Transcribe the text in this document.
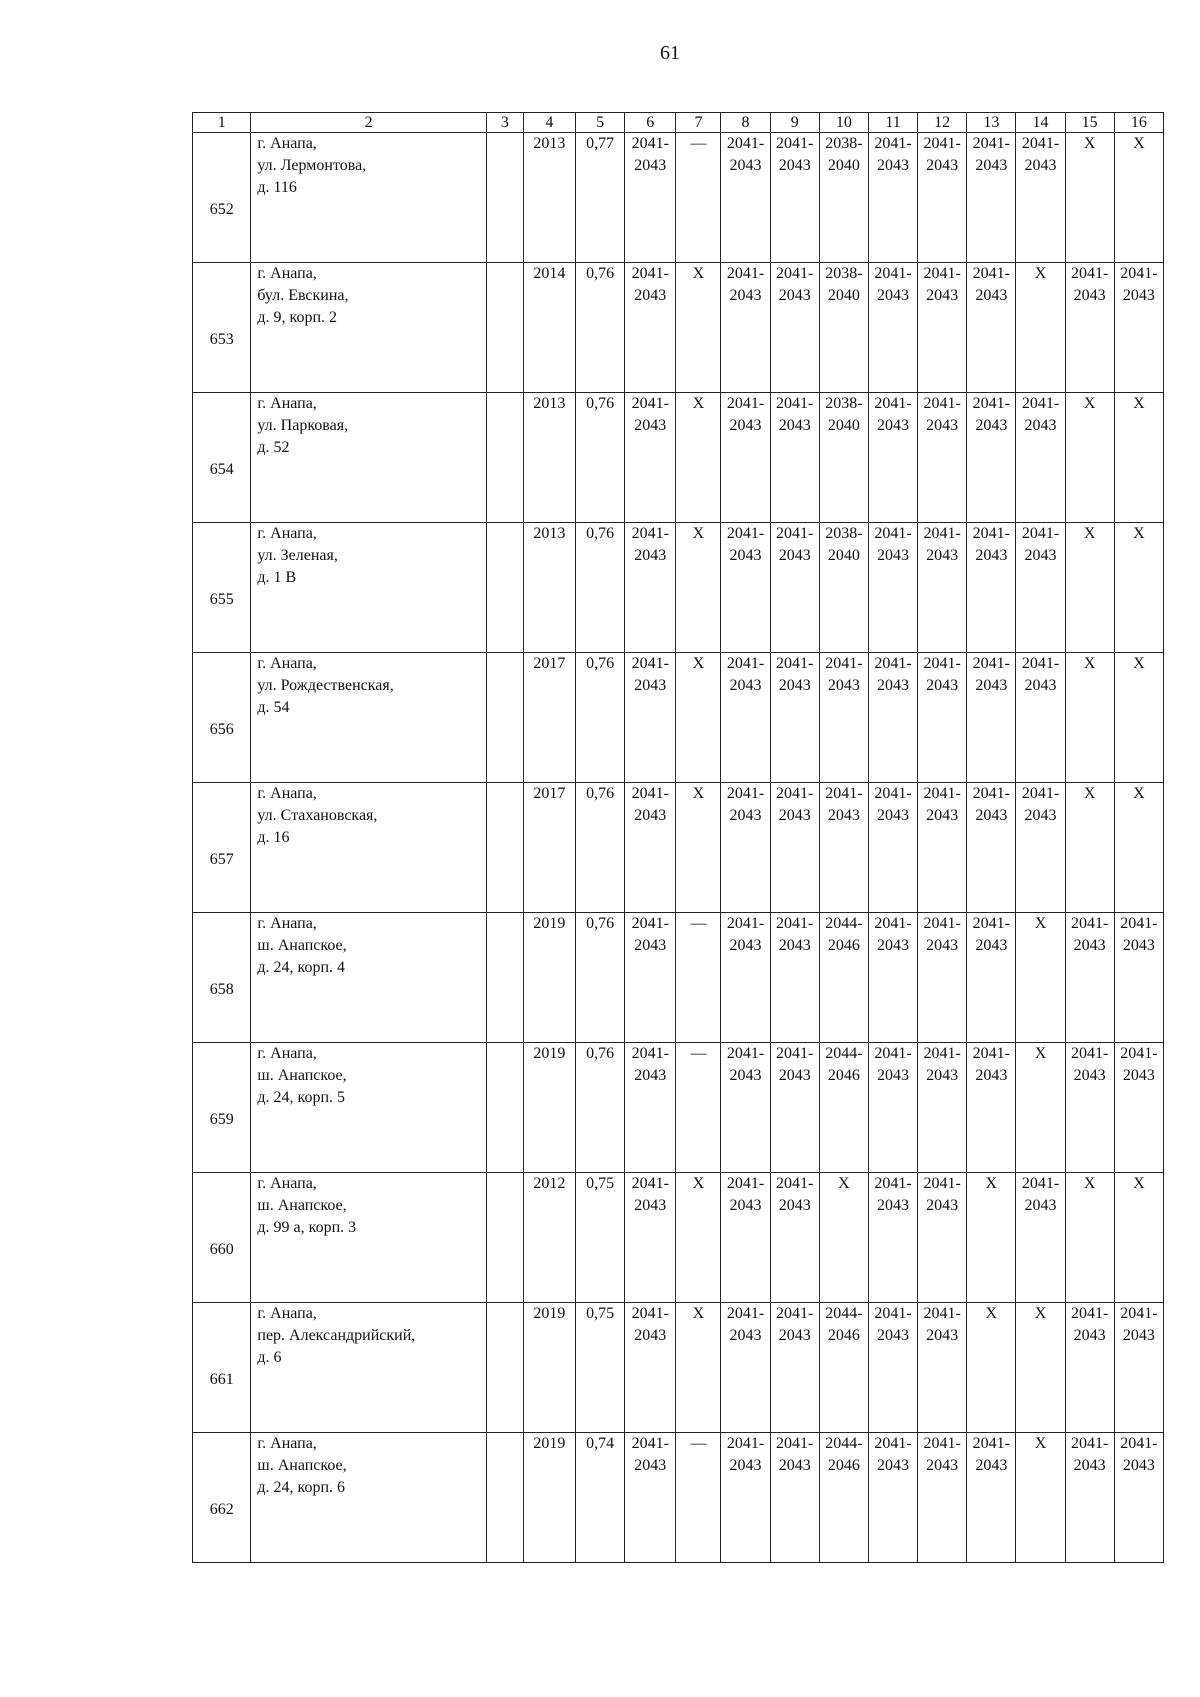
61
1	2	3	4	5	6	7	8	9	10	11	12	13	14	15	16
652	г. Анапа,
ул. Лермонтова,
д. 116		2013	0,77	2041-
2043	—	2041-
2043	2041-
2043	2038-
2040	2041-
2043	2041-
2043	2041-
2043	2041-
2043	Х	Х

653	г. Анапа,
бул. Евскина,
д. 9, корп. 2		2014	0,76	2041-
2043	Х	2041-
2043	2041-
2043	2038-
2040	2041-
2043	2041-
2043	2041-
2043	Х	2041-
2043	2041-
2043

654	г. Анапа,
ул. Парковая,
д. 52		2013	0,76	2041-
2043	Х	2041-
2043	2041-
2043	2038-
2040	2041-
2043	2041-
2043	2041-
2043	2041-
2043	Х	Х

655	г. Анапа,
ул. Зеленая,
д. 1 В		2013	0,76	2041-
2043	Х	2041-
2043	2041-
2043	2038-
2040	2041-
2043	2041-
2043	2041-
2043	2041-
2043	Х	Х

656	г. Анапа,
ул. Рождественская,
д. 54		2017	0,76	2041-
2043	Х	2041-
2043	2041-
2043	2041-
2043	2041-
2043	2041-
2043	2041-
2043	2041-
2043	Х	Х

657	г. Анапа,
ул. Стахановская,
д. 16		2017	0,76	2041-
2043	Х	2041-
2043	2041-
2043	2041-
2043	2041-
2043	2041-
2043	2041-
2043	2041-
2043	Х	Х

658	г. Анапа,
ш. Анапское,
д. 24, корп. 4		2019	0,76	2041-
2043	—	2041-
2043	2041-
2043	2044-
2046	2041-
2043	2041-
2043	2041-
2043	Х	2041-
2043	2041-
2043

659	г. Анапа,
ш. Анапское,
д. 24, корп. 5		2019	0,76	2041-
2043	—	2041-
2043	2041-
2043	2044-
2046	2041-
2043	2041-
2043	2041-
2043	Х	2041-
2043	2041-
2043

660	г. Анапа,
ш. Анапское,
д. 99 а, корп. 3		2012	0,75	2041-
2043	Х	2041-
2043	2041-
2043	Х	2041-
2043	2041-
2043	Х	2041-
2043	Х	Х

661	г. Анапа,
пер. Александрийский,
д. 6		2019	0,75	2041-
2043	Х	2041-
2043	2041-
2043	2044-
2046	2041-
2043	2041-
2043	Х	Х	2041-
2043	2041-
2043

662	г. Анапа,
ш. Анапское,
д. 24, корп. 6		2019	0,74	2041-
2043	—	2041-
2043	2041-
2043	2044-
2046	2041-
2043	2041-
2043	2041-
2043	Х	2041-
2043	2041-
2043
